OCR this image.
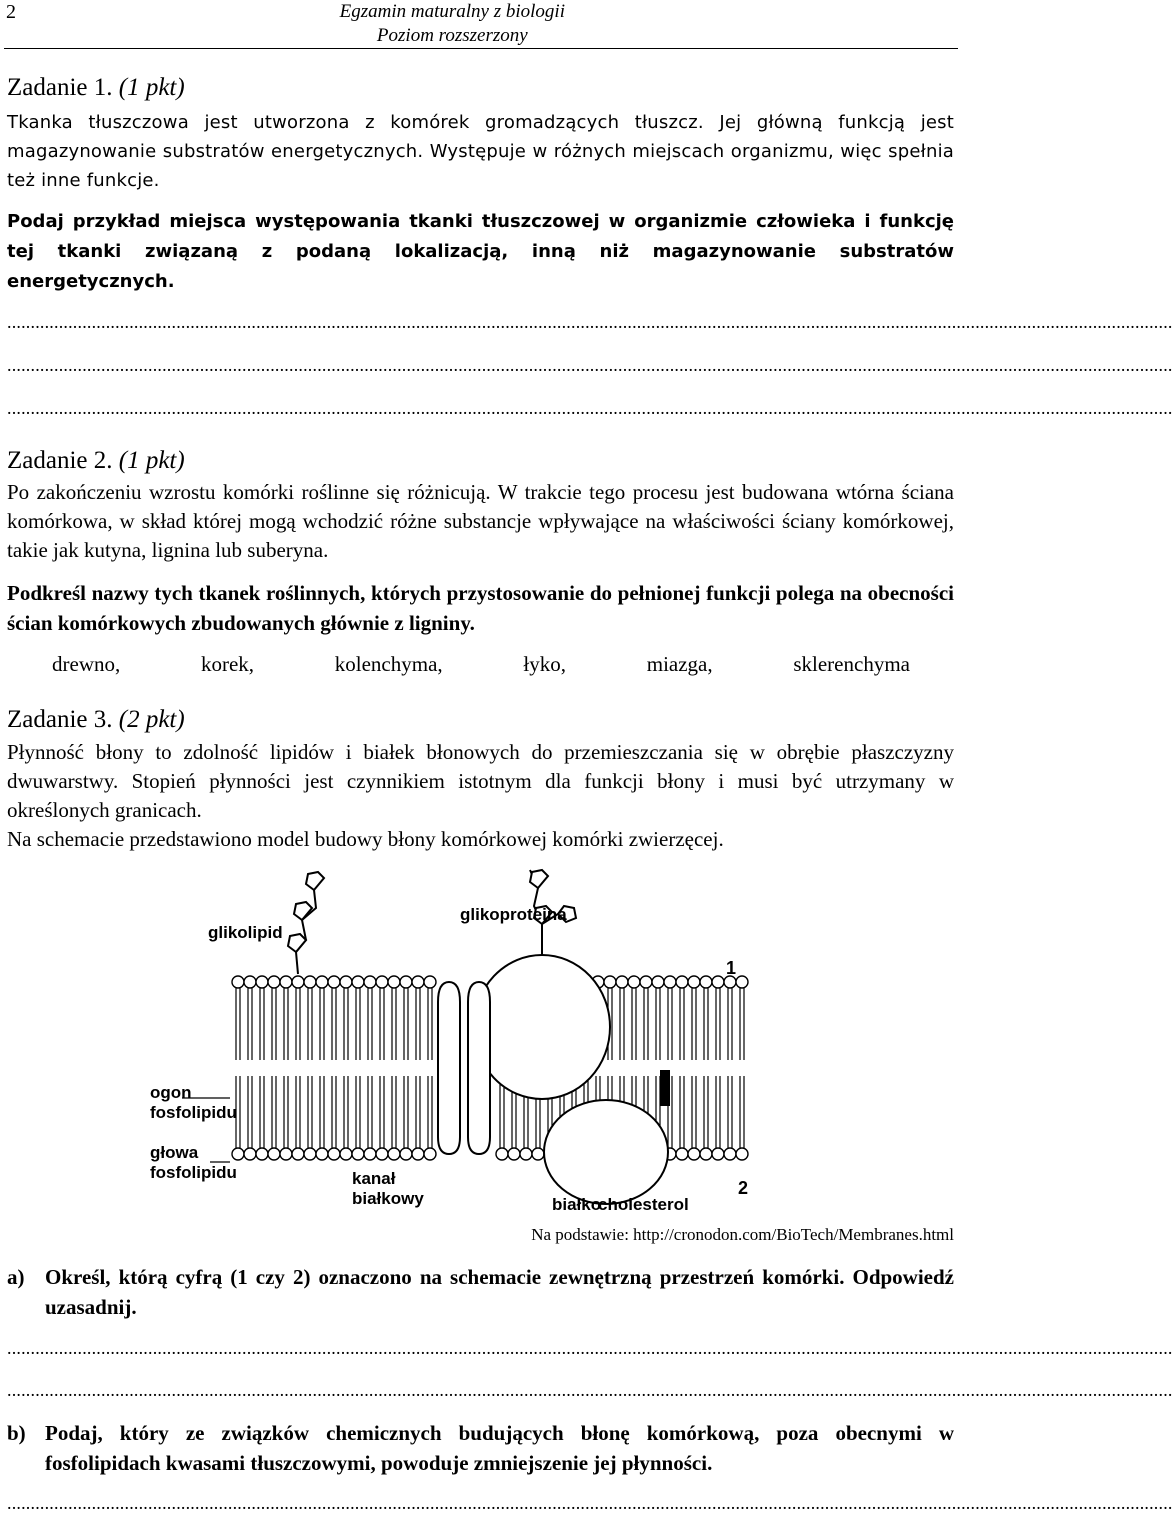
2	Egzamin maturalny z biologii
Poziom rozszerzony
Zadanie 1. (1 pkt)

Tkanka tłuszczowa jest utworzona z komórek gromadzących tłuszcz. Jej główną funkcją jest magazynowanie substratów energetycznych. Występuje w różnych miejscach organizmu, więc spełnia też inne funkcje.

Podaj przykład miejsca występowania tkanki tłuszczowej w organizmie człowieka i funkcję tej tkanki związaną z podaną lokalizacją, inną niż magazynowanie substratów energetycznych.

........................................................................................................................................................................................................................................................
........................................................................................................................................................................................................................................................
........................................................................................................................................................................................................................................................
Zadanie 2. (1 pkt)

Po zakończeniu wzrostu komórki roślinne się różnicują. W trakcie tego procesu jest budowana wtórna ściana komórkowa, w skład której mogą wchodzić różne substancje wpływające na właściwości ściany komórkowej, takie jak kutyna, lignina lub suberyna.

Podkreśl nazwy tych tkanek roślinnych, których przystosowanie do pełnionej funkcji polega na obecności ścian komórkowych zbudowanych głównie z ligniny.

drewno,	korek,	kolenchyma,	łyko,	miazga,	sklerenchyma
Zadanie 3. (2 pkt)

Płynność błony to zdolność lipidów i białek błonowych do przemieszczania się w obrębie płaszczyzny dwuwarstwy. Stopień płynności jest czynnikiem istotnym dla funkcji błony i musi być utrzymany w określonych granicach.

Na schemacie przedstawiono model budowy błony komórkowej komórki zwierzęcej.

glikolipid
glikoproteina
1
ogon
fosfolipidu
głowa
fosfolipidu	kanał
białkowy	białko
cholesterol
2
Na podstawie: http://cronodon.com/BioTech/Membranes.html
a) Określ, którą cyfrą (1 czy 2) oznaczono na schemacie zewnętrzną przestrzeń komórki. Odpowiedź uzasadnij.
........................................................................................................................................................................................................................................................
........................................................................................................................................................................................................................................................
b) Podaj, który ze związków chemicznych budujących błonę komórkową, poza obecnymi w fosfolipidach kwasami tłuszczowymi, powoduje zmniejszenie jej płynności.
........................................................................................................................................................................................................................................................
